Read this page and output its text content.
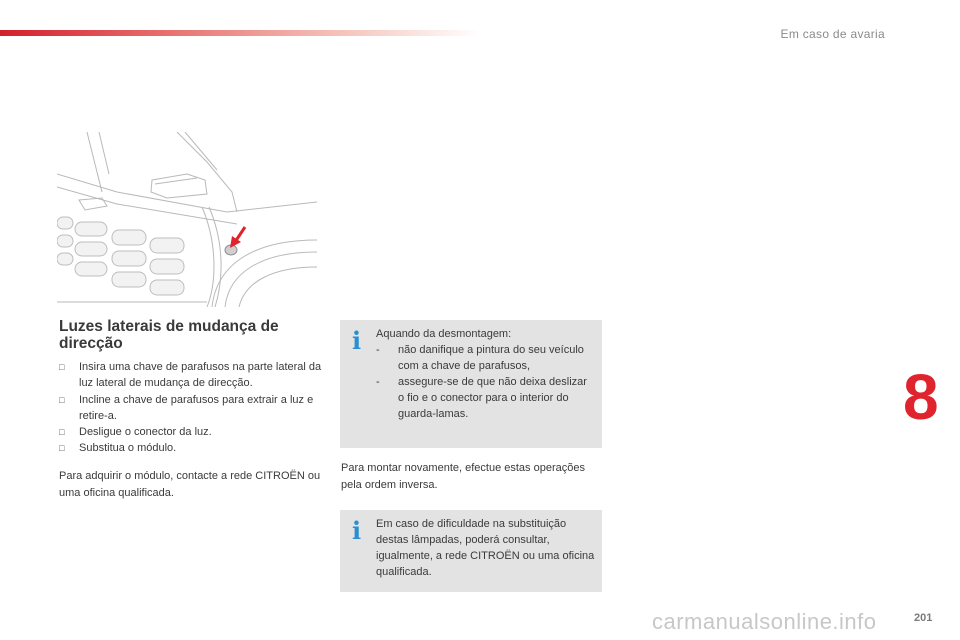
Em caso de avaria
Luzes laterais de mudança de direcção
□ Insira uma chave de parafusos na parte lateral da luz lateral de mudança de direcção.
□ Incline a chave de parafusos para extrair a luz e retire-a.
□ Desligue o conector da luz.
□ Substitua o módulo.
Para adquirir o módulo, contacte a rede CITROËN ou uma oficina qualificada.
i Aquando da desmontagem:
- não danifique a pintura do seu veículo com a chave de parafusos,
- assegure-se de que não deixa deslizar o fio e o conector para o interior do guarda-lamas.
Para montar novamente, efectue estas operações pela ordem inversa.
i Em caso de dificuldade na substituição destas lâmpadas, poderá consultar, igualmente, a rede CITROËN ou uma oficina qualificada.
8
201
carmanualsonline.info
